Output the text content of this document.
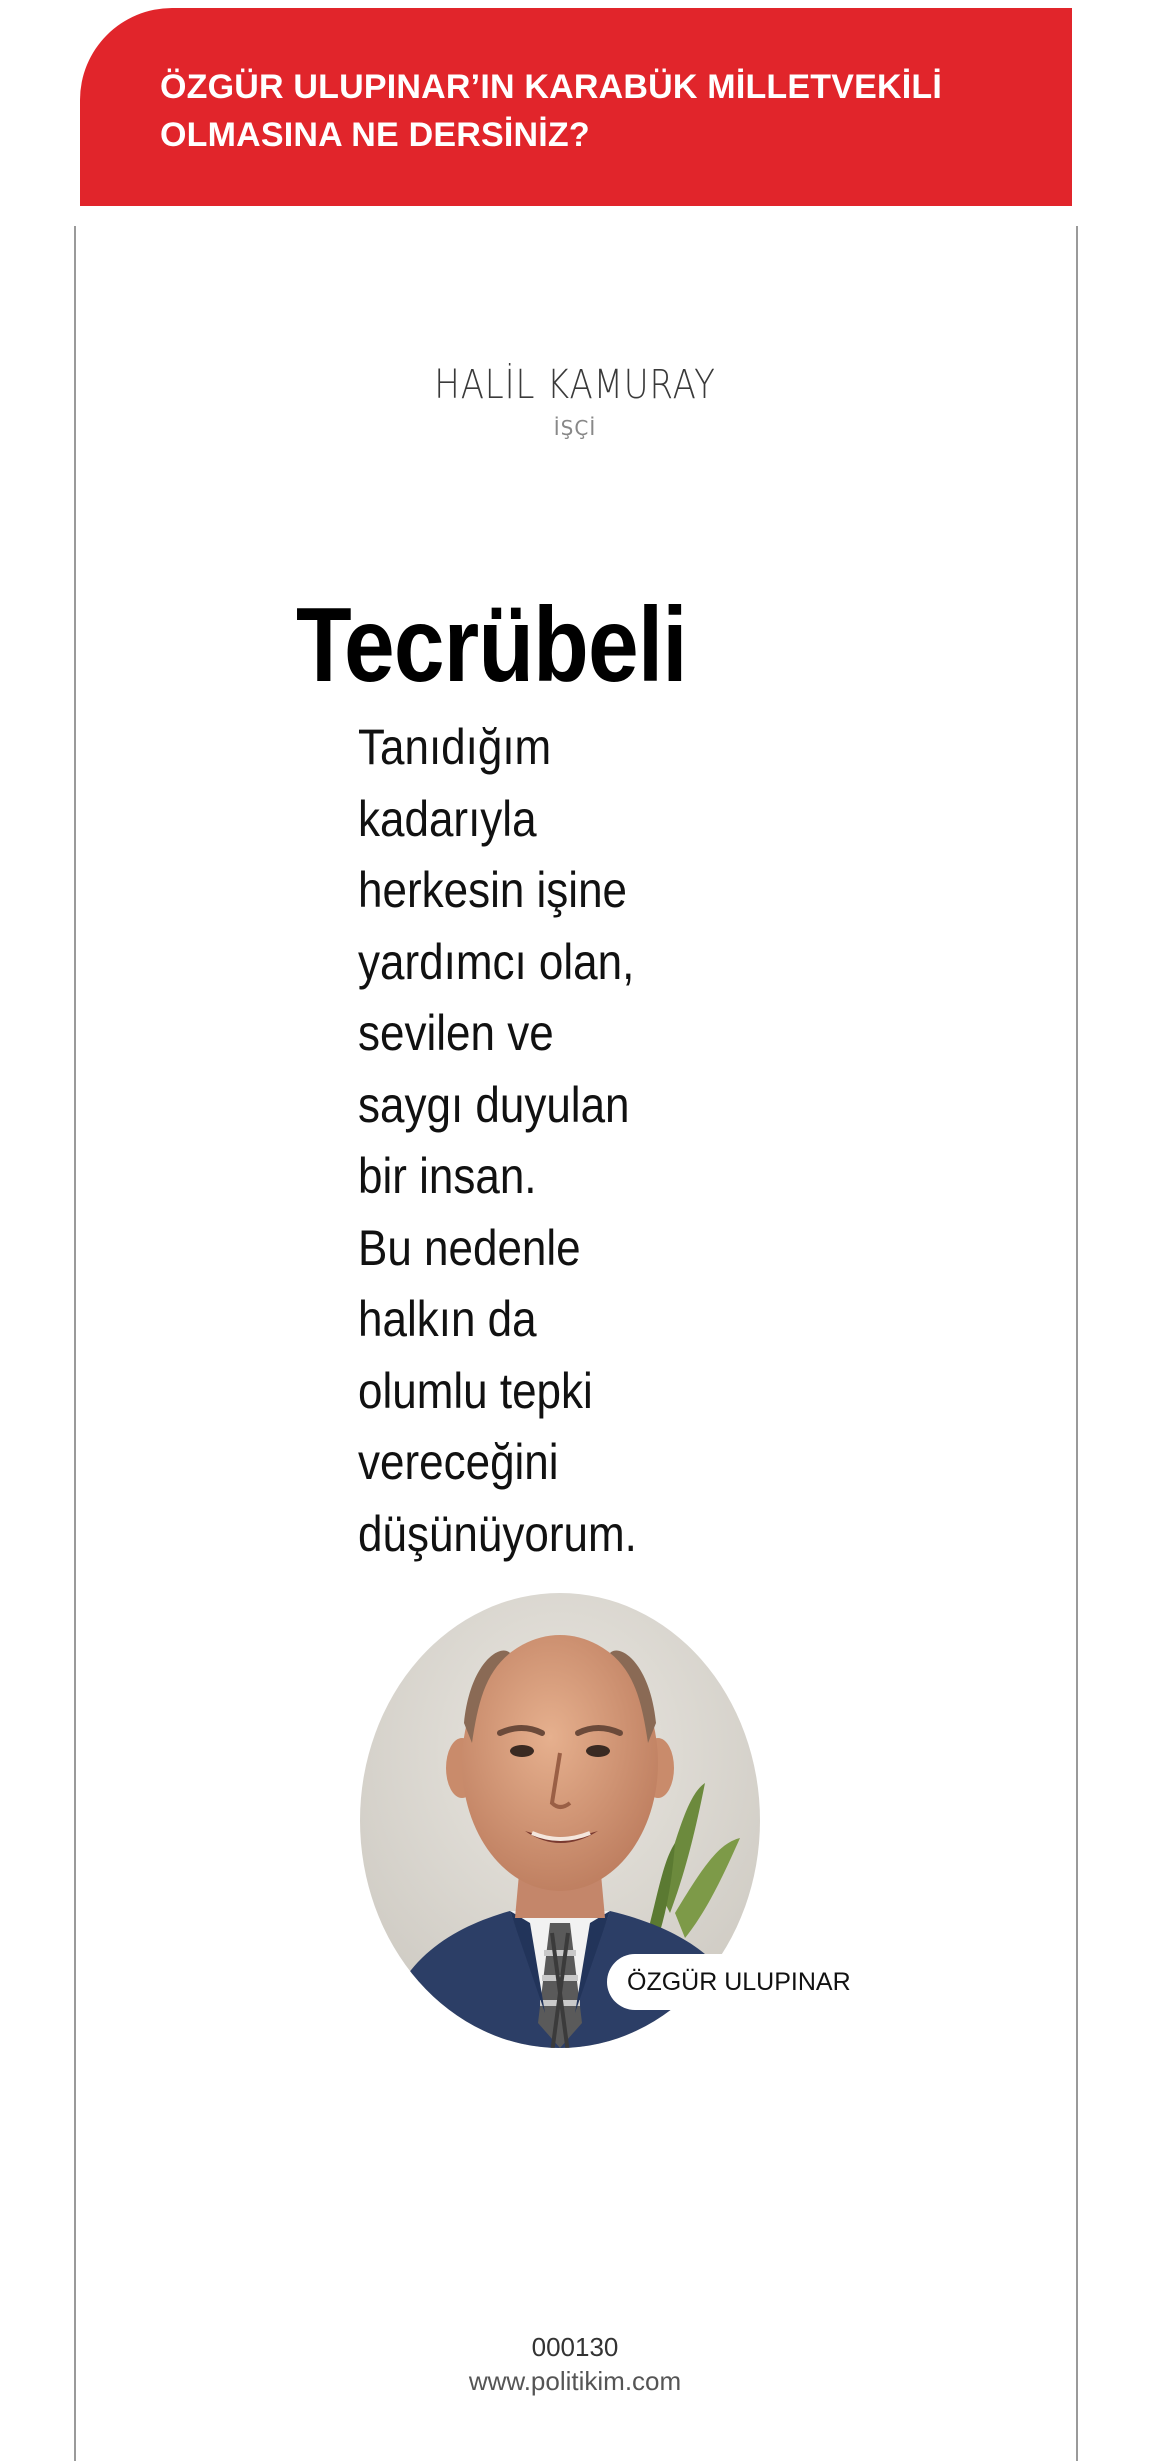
ÖZGÜR ULUPINAR’IN KARABÜK MİLLETVEKİLİ
OLMASINA NE DERSİNİZ?

HALİL KAMURAY
İŞÇİ
Tecrübeli
Tanıdığım
kadarıyla
herkesin işine
yardımcı olan,
sevilen ve
saygı duyulan
bir insan.
Bu nedenle
halkın da
olumlu tepki
vereceğini
düşünüyorum.
ÖZGÜR ULUPINAR
000130
www.politikim.com
